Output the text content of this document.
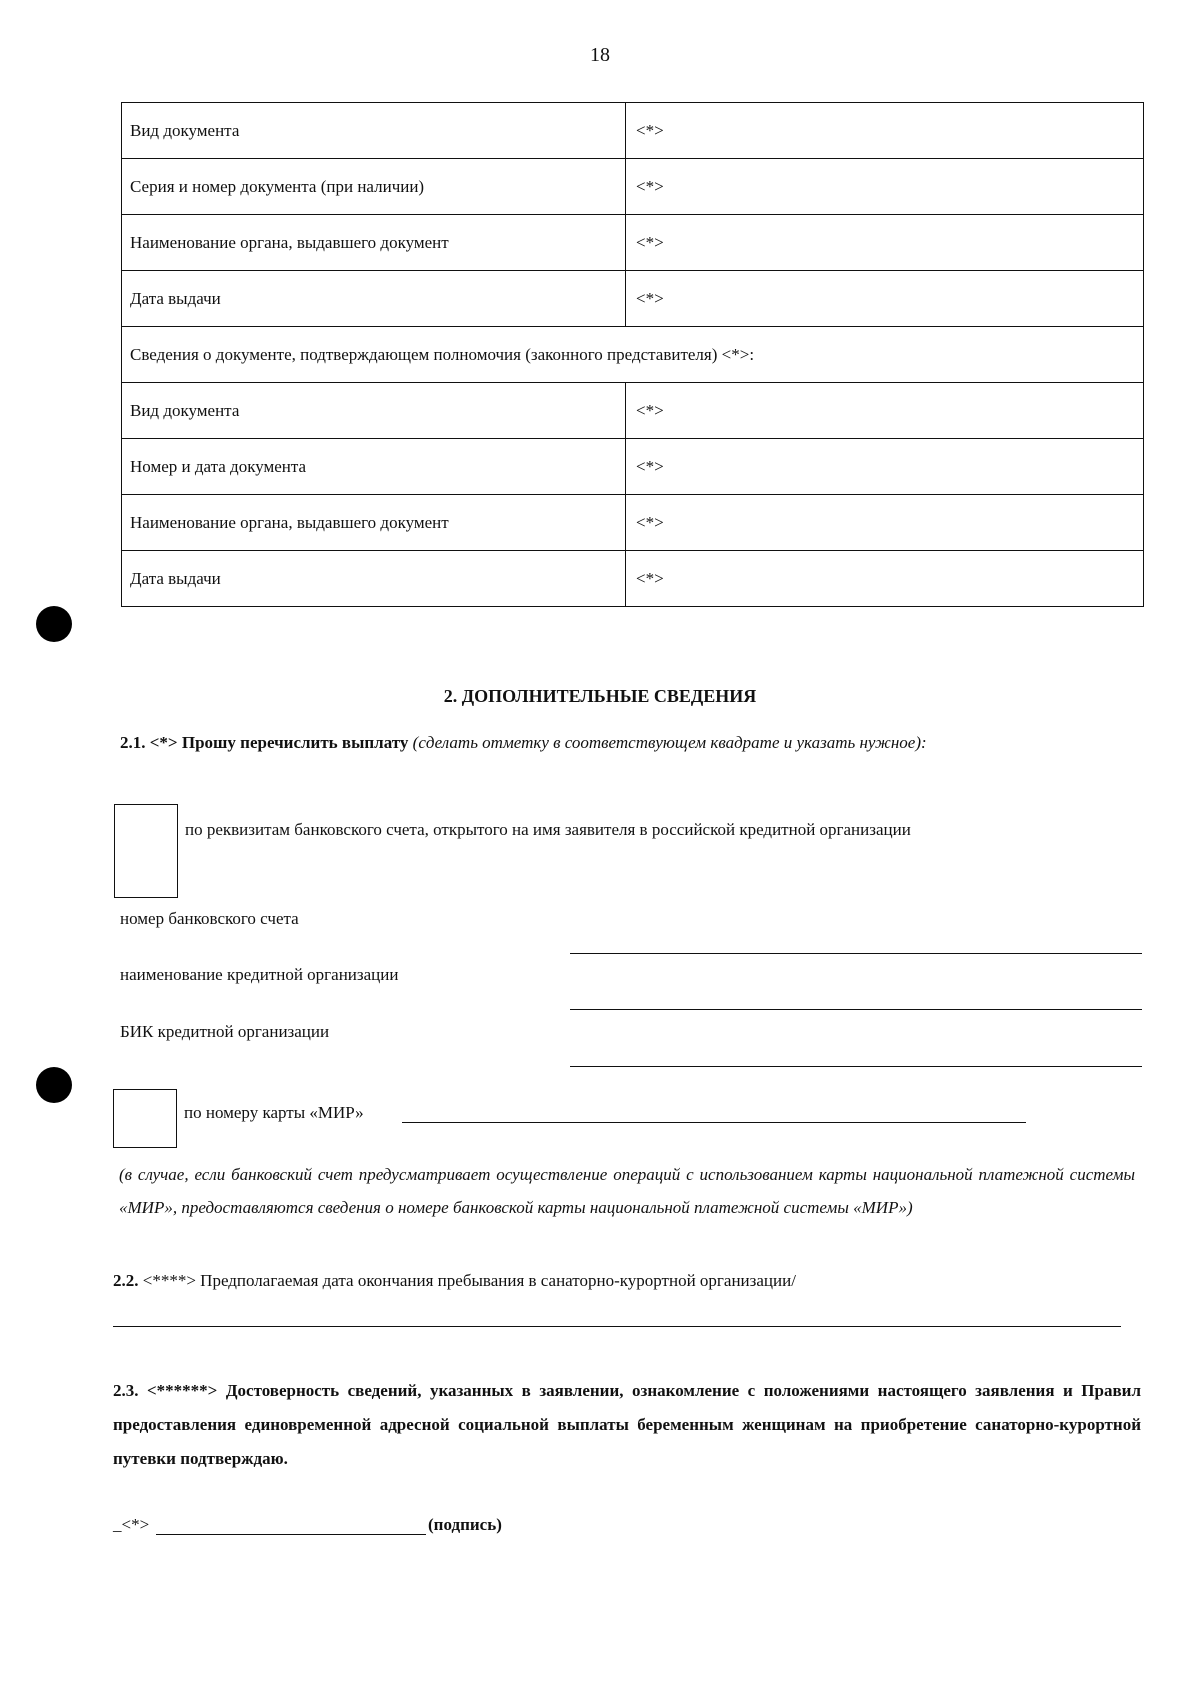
18
Вид документа	<*>
Серия и номер документа (при наличии)	<*>
Наименование органа, выдавшего документ	<*>
Дата выдачи	<*>
Сведения о документе, подтверждающем полномочия (законного представителя) <*>:	
Вид документа	<*>
Номер и дата документа	<*>
Наименование органа, выдавшего документ	<*>
Дата выдачи	<*>
2. ДОПОЛНИТЕЛЬНЫЕ СВЕДЕНИЯ
2.1. <*> Прошу перечислить выплату (сделать отметку в соответствующем квадрате и указать нужное):
по реквизитам банковского счета, открытого на имя заявителя в российской кредитной организации
номер банковского счета
наименование кредитной организации
БИК кредитной организации
по номеру карты «МИР»
(в случае, если банковский счет предусматривает осуществление операций с использованием карты национальной платежной системы «МИР», предоставляются сведения о номере банковской карты национальной платежной системы «МИР»)
2.2. <****> Предполагаемая дата окончания пребывания в санаторно-курортной организации/
2.3. <******> Достоверность сведений, указанных в заявлении, ознакомление с положениями настоящего заявления и Правил предоставления единовременной адресной социальной выплаты беременным женщинам на приобретение санаторно-курортной путевки подтверждаю.
_<*>	(подпись)
